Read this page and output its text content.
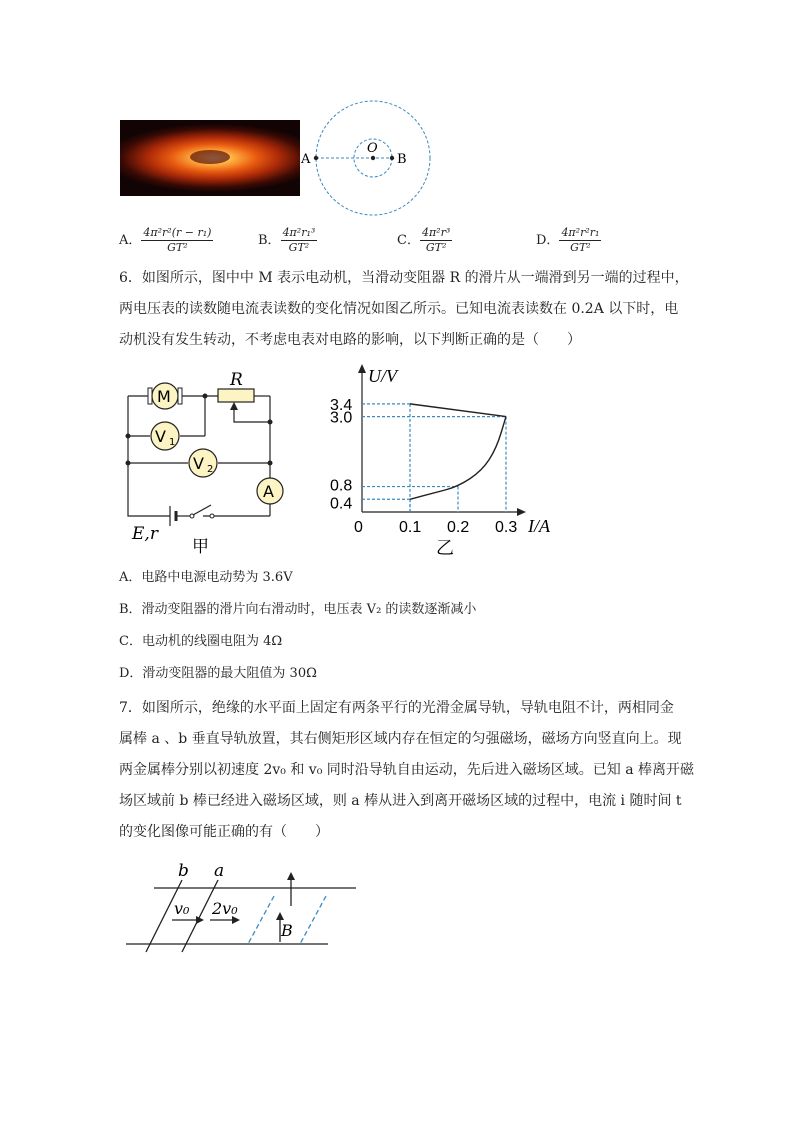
A
O
B
A． $\frac{\text{4π²r²(r − r₁)}}{\text{GT²}}$	B． $\frac{\text{4π²r₁³}}{\text{GT²}}$	C． $\frac{\text{4π²r³}}{\text{GT²}}$	D． $\frac{\text{4π²r²r₁}}{\text{GT²}}$
6．如图所示，图中中 M 表示电动机，当滑动变阻器 R 的滑片从一端滑到另一端的过程中，
两电压表的读数随电流表读数的变化情况如图乙所示。已知电流表读数在 0.2A 以下时，电
动机没有发生转动，不考虑电表对电路的影响，以下判断正确的是（　　）
M
R
V 1
V 2
A
E,r
甲
0.1 0.2 0.3
0.4
0.8
3.0
3.4
0
U/V
I/A
乙
A．电路中电源电动势为 3.6V
B．滑动变阻器的滑片向右滑动时，电压表 V₂ 的读数逐渐减小
C．电动机的线圈电阻为 4Ω
D．滑动变阻器的最大阻值为 30Ω
7．如图所示，绝缘的水平面上固定有两条平行的光滑金属导轨，导轨电阻不计，两相同金
属棒 a 、b 垂直导轨放置，其右侧矩形区域内存在恒定的匀强磁场，磁场方向竖直向上。现
两金属棒分别以初速度 2v₀ 和 v₀ 同时沿导轨自由运动，先后进入磁场区域。已知 a 棒离开磁
场区域前 b 棒已经进入磁场区域，则 a 棒从进入到离开磁场区域的过程中，电流 i 随时间 t
的变化图像可能正确的有（　　）
b a
v₀ 2v₀
B
